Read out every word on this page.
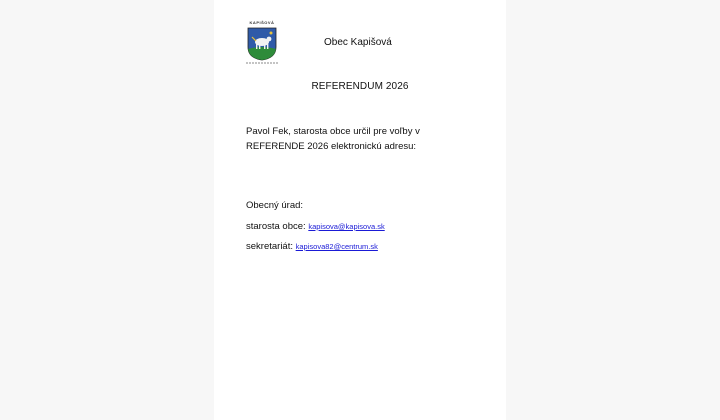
KAPIŠOVÁ
Obec Kapišová
REFERENDUM 2026
Pavol Fek, starosta obce určil pre voľby v
REFERENDE 2026 elektronickú adresu:
Obecný úrad:
starosta obce: kapisova@kapisova.sk
sekretariát: kapisova82@centrum.sk
